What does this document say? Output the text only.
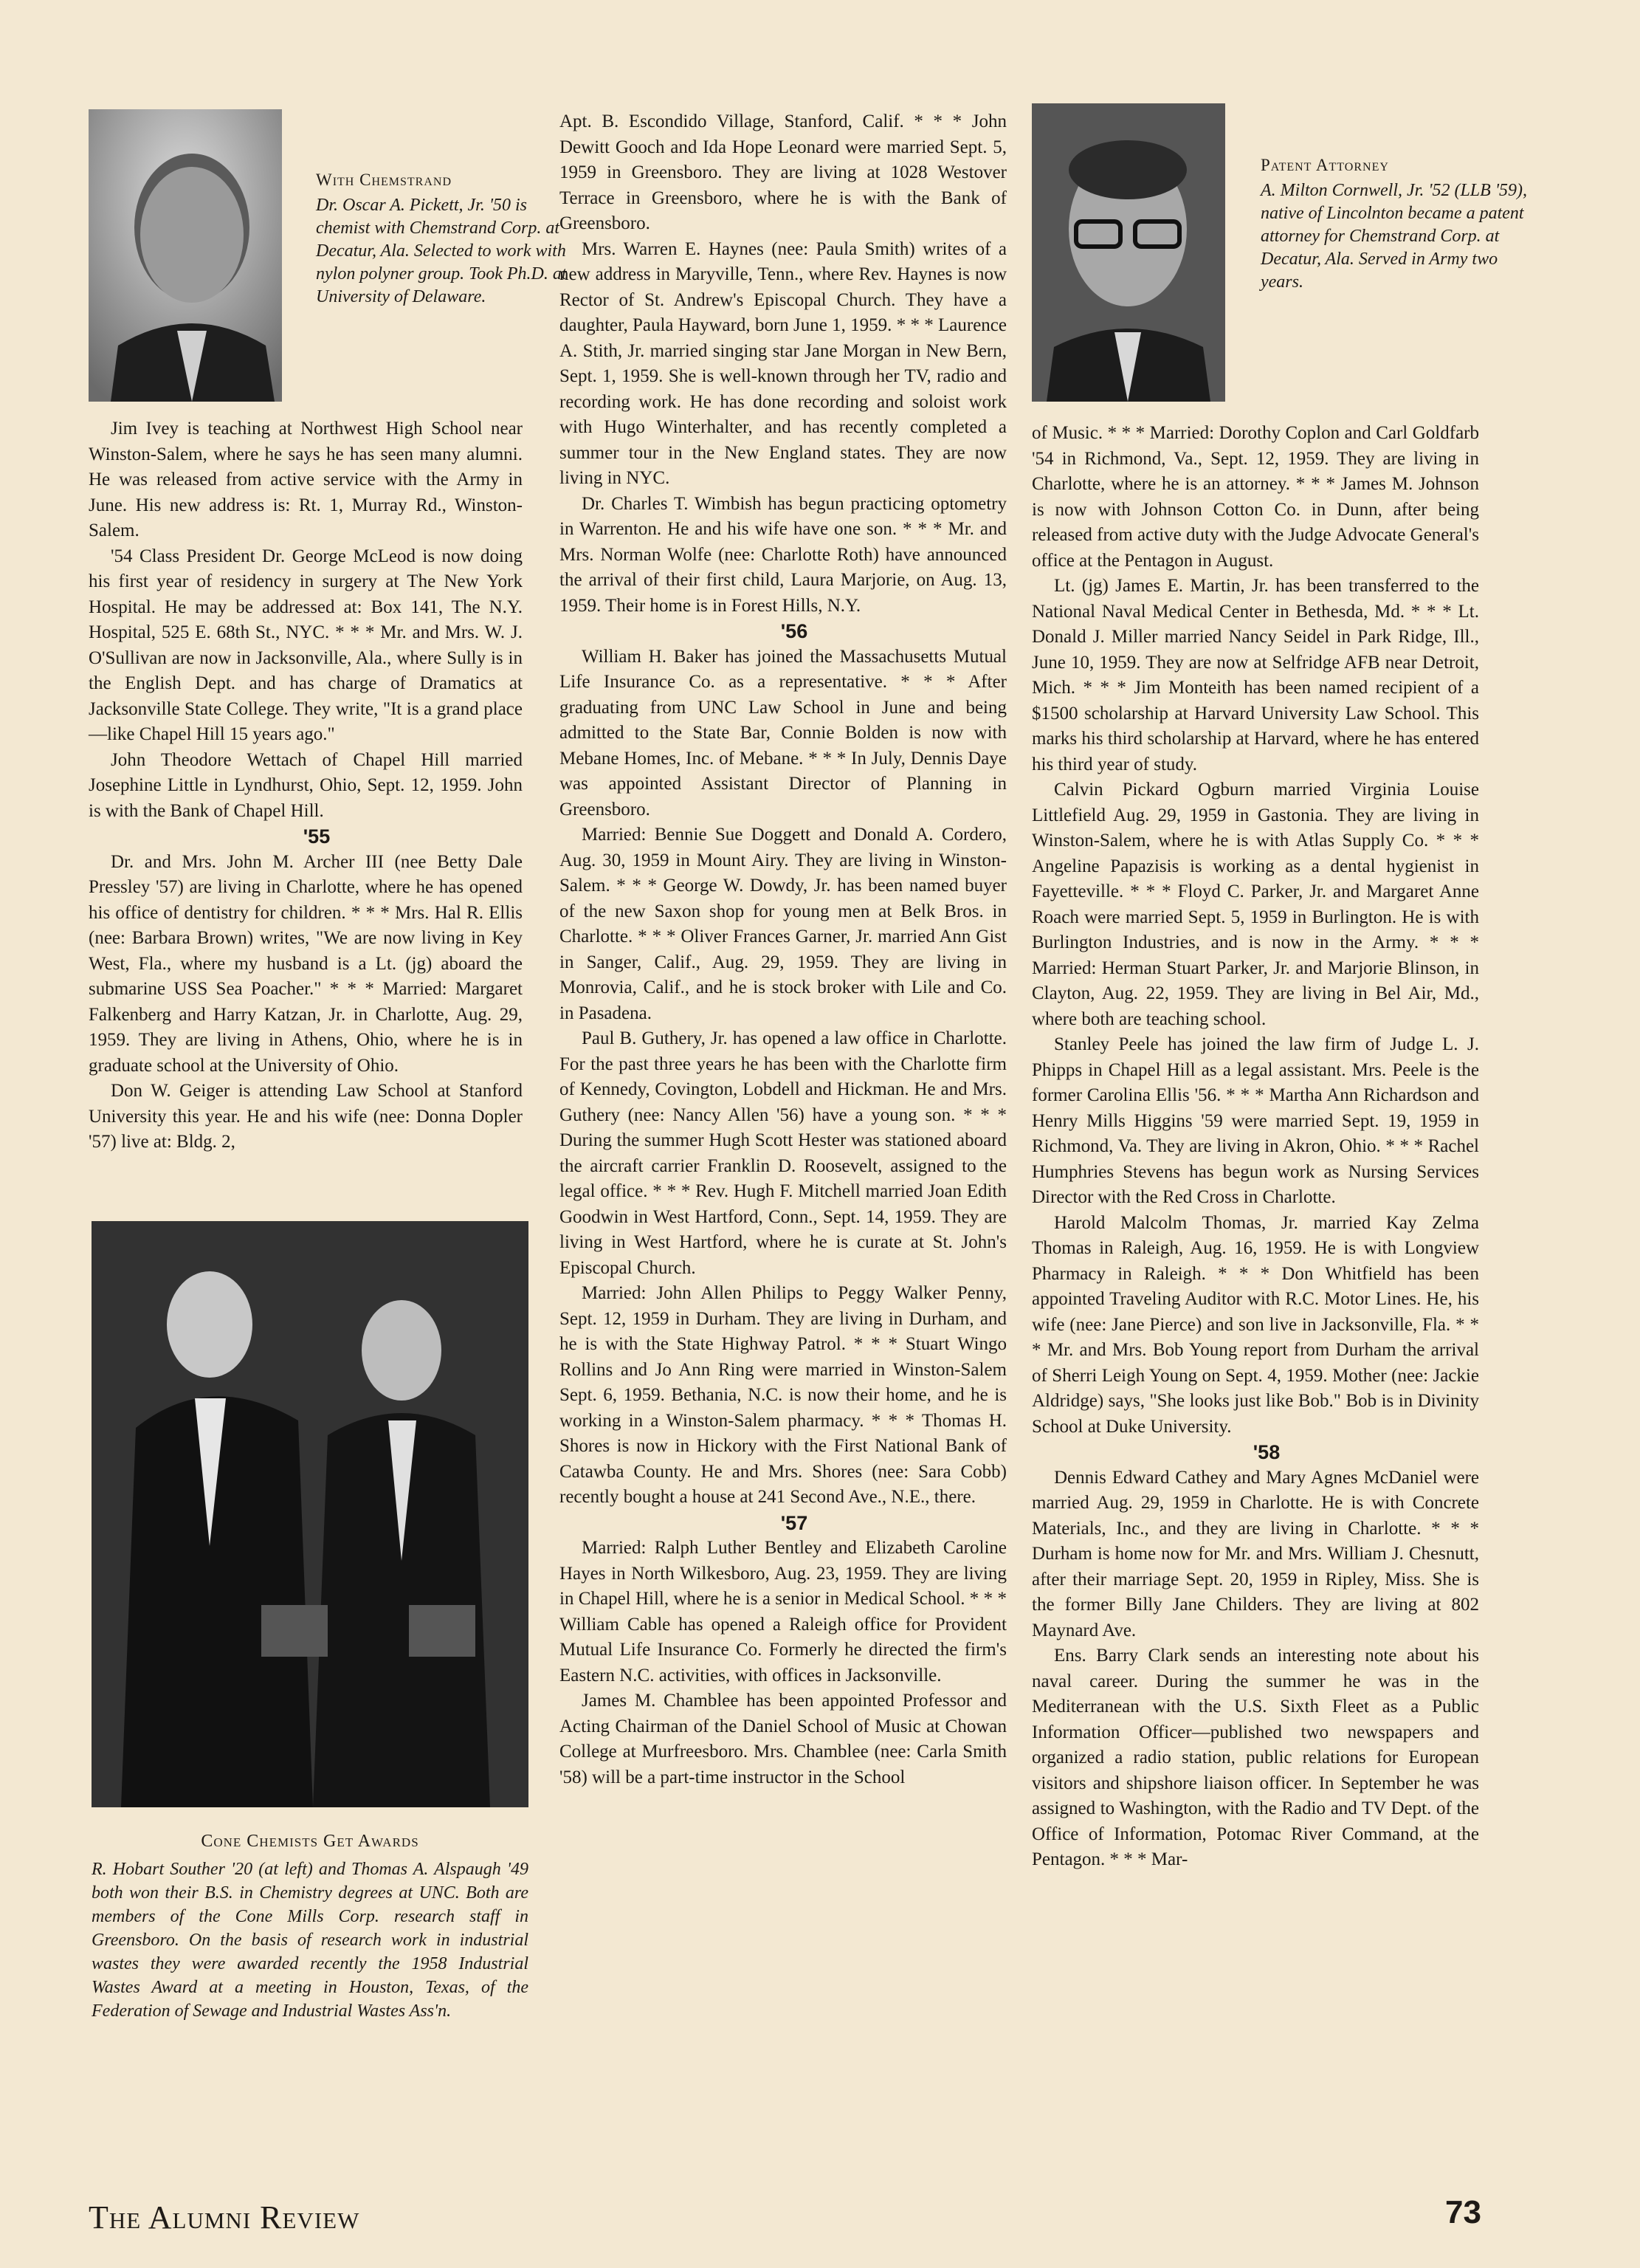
With Chemstrand
Dr. Oscar A. Pickett, Jr. '50 is chemist with Chemstrand Corp. at Decatur, Ala. Selected to work with nylon polyner group. Took Ph.D. at University of Delaware.
Patent Attorney
A. Milton Cornwell, Jr. '52 (LLB '59), native of Lincolnton became a patent attorney for Chemstrand Corp. at Decatur, Ala. Served in Army two years.

Jim Ivey is teaching at Northwest High School near Winston-Salem, where he says he has seen many alumni. He was released from active service with the Army in June. His new address is: Rt. 1, Murray Rd., Winston-Salem.

'54 Class President Dr. George McLeod is now doing his first year of residency in surgery at The New York Hospital. He may be addressed at: Box 141, The N.Y. Hospital, 525 E. 68th St., NYC. * * * Mr. and Mrs. W. J. O'Sullivan are now in Jacksonville, Ala., where Sully is in the English Dept. and has charge of Dramatics at Jacksonville State College. They write, "It is a grand place —like Chapel Hill 15 years ago."

John Theodore Wettach of Chapel Hill married Josephine Little in Lyndhurst, Ohio, Sept. 12, 1959. John is with the Bank of Chapel Hill.

'55

Dr. and Mrs. John M. Archer III (nee Betty Dale Pressley '57) are living in Charlotte, where he has opened his office of dentistry for children. * * * Mrs. Hal R. Ellis (nee: Barbara Brown) writes, "We are now living in Key West, Fla., where my husband is a Lt. (jg) aboard the submarine USS Sea Poacher." * * * Married: Margaret Falkenberg and Harry Katzan, Jr. in Charlotte, Aug. 29, 1959. They are living in Athens, Ohio, where he is in graduate school at the University of Ohio.

Don W. Geiger is attending Law School at Stanford University this year. He and his wife (nee: Donna Dopler '57) live at: Bldg. 2,

Cone Chemists Get Awards
R. Hobart Souther '20 (at left) and Thomas A. Alspaugh '49 both won their B.S. in Chemistry degrees at UNC. Both are members of the Cone Mills Corp. research staff in Greensboro. On the basis of research work in industrial wastes they were awarded recently the 1958 Industrial Wastes Award at a meeting in Houston, Texas, of the Federation of Sewage and Industrial Wastes Ass'n.

Apt. B. Escondido Village, Stanford, Calif. * * * John Dewitt Gooch and Ida Hope Leonard were married Sept. 5, 1959 in Greensboro. They are living at 1028 Westover Terrace in Greensboro, where he is with the Bank of Greensboro.

Mrs. Warren E. Haynes (nee: Paula Smith) writes of a new address in Maryville, Tenn., where Rev. Haynes is now Rector of St. Andrew's Episcopal Church. They have a daughter, Paula Hayward, born June 1, 1959. * * * Laurence A. Stith, Jr. married singing star Jane Morgan in New Bern, Sept. 1, 1959. She is well-known through her TV, radio and recording work. He has done recording and soloist work with Hugo Winterhalter, and has recently completed a summer tour in the New England states. They are now living in NYC.

Dr. Charles T. Wimbish has begun practicing optometry in Warrenton. He and his wife have one son. * * * Mr. and Mrs. Norman Wolfe (nee: Charlotte Roth) have announced the arrival of their first child, Laura Marjorie, on Aug. 13, 1959. Their home is in Forest Hills, N.Y.

'56

William H. Baker has joined the Massachusetts Mutual Life Insurance Co. as a representative. * * * After graduating from UNC Law School in June and being admitted to the State Bar, Connie Bolden is now with Mebane Homes, Inc. of Mebane. * * * In July, Dennis Daye was appointed Assistant Director of Planning in Greensboro.

Married: Bennie Sue Doggett and Donald A. Cordero, Aug. 30, 1959 in Mount Airy. They are living in Winston-Salem. * * * George W. Dowdy, Jr. has been named buyer of the new Saxon shop for young men at Belk Bros. in Charlotte. * * * Oliver Frances Garner, Jr. married Ann Gist in Sanger, Calif., Aug. 29, 1959. They are living in Monrovia, Calif., and he is stock broker with Lile and Co. in Pasadena.

Paul B. Guthery, Jr. has opened a law office in Charlotte. For the past three years he has been with the Charlotte firm of Kennedy, Covington, Lobdell and Hickman. He and Mrs. Guthery (nee: Nancy Allen '56) have a young son. * * * During the summer Hugh Scott Hester was stationed aboard the aircraft carrier Franklin D. Roosevelt, assigned to the legal office. * * * Rev. Hugh F. Mitchell married Joan Edith Goodwin in West Hartford, Conn., Sept. 14, 1959. They are living in West Hartford, where he is curate at St. John's Episcopal Church.

Married: John Allen Philips to Peggy Walker Penny, Sept. 12, 1959 in Durham. They are living in Durham, and he is with the State Highway Patrol. * * * Stuart Wingo Rollins and Jo Ann Ring were married in Winston-Salem Sept. 6, 1959. Bethania, N.C. is now their home, and he is working in a Winston-Salem pharmacy. * * * Thomas H. Shores is now in Hickory with the First National Bank of Catawba County. He and Mrs. Shores (nee: Sara Cobb) recently bought a house at 241 Second Ave., N.E., there.

'57

Married: Ralph Luther Bentley and Elizabeth Caroline Hayes in North Wilkesboro, Aug. 23, 1959. They are living in Chapel Hill, where he is a senior in Medical School. * * * William Cable has opened a Raleigh office for Provident Mutual Life Insurance Co. Formerly he directed the firm's Eastern N.C. activities, with offices in Jacksonville.

James M. Chamblee has been appointed Professor and Acting Chairman of the Daniel School of Music at Chowan College at Murfreesboro. Mrs. Chamblee (nee: Carla Smith '58) will be a part-time instructor in the School

of Music. * * * Married: Dorothy Coplon and Carl Goldfarb '54 in Richmond, Va., Sept. 12, 1959. They are living in Charlotte, where he is an attorney. * * * James M. Johnson is now with Johnson Cotton Co. in Dunn, after being released from active duty with the Judge Advocate General's office at the Pentagon in August.

Lt. (jg) James E. Martin, Jr. has been transferred to the National Naval Medical Center in Bethesda, Md. * * * Lt. Donald J. Miller married Nancy Seidel in Park Ridge, Ill., June 10, 1959. They are now at Selfridge AFB near Detroit, Mich. * * * Jim Monteith has been named recipient of a $1500 scholarship at Harvard University Law School. This marks his third scholarship at Harvard, where he has entered his third year of study.

Calvin Pickard Ogburn married Virginia Louise Littlefield Aug. 29, 1959 in Gastonia. They are living in Winston-Salem, where he is with Atlas Supply Co. * * * Angeline Papazisis is working as a dental hygienist in Fayetteville. * * * Floyd C. Parker, Jr. and Margaret Anne Roach were married Sept. 5, 1959 in Burlington. He is with Burlington Industries, and is now in the Army. * * * Married: Herman Stuart Parker, Jr. and Marjorie Blinson, in Clayton, Aug. 22, 1959. They are living in Bel Air, Md., where both are teaching school.

Stanley Peele has joined the law firm of Judge L. J. Phipps in Chapel Hill as a legal assistant. Mrs. Peele is the former Carolina Ellis '56. * * * Martha Ann Richardson and Henry Mills Higgins '59 were married Sept. 19, 1959 in Richmond, Va. They are living in Akron, Ohio. * * * Rachel Humphries Stevens has begun work as Nursing Services Director with the Red Cross in Charlotte.

Harold Malcolm Thomas, Jr. married Kay Zelma Thomas in Raleigh, Aug. 16, 1959. He is with Longview Pharmacy in Raleigh. * * * Don Whitfield has been appointed Traveling Auditor with R.C. Motor Lines. He, his wife (nee: Jane Pierce) and son live in Jacksonville, Fla. * * * Mr. and Mrs. Bob Young report from Durham the arrival of Sherri Leigh Young on Sept. 4, 1959. Mother (nee: Jackie Aldridge) says, "She looks just like Bob." Bob is in Divinity School at Duke University.

'58

Dennis Edward Cathey and Mary Agnes McDaniel were married Aug. 29, 1959 in Charlotte. He is with Concrete Materials, Inc., and they are living in Charlotte. * * * Durham is home now for Mr. and Mrs. William J. Chesnutt, after their marriage Sept. 20, 1959 in Ripley, Miss. She is the former Billy Jane Childers. They are living at 802 Maynard Ave.

Ens. Barry Clark sends an interesting note about his naval career. During the summer he was in the Mediterranean with the U.S. Sixth Fleet as a Public Information Officer—published two newspapers and organized a radio station, public relations for European visitors and shipshore liaison officer. In September he was assigned to Washington, with the Radio and TV Dept. of the Office of Information, Potomac River Command, at the Pentagon. * * * Mar-

The Alumni Review	73
